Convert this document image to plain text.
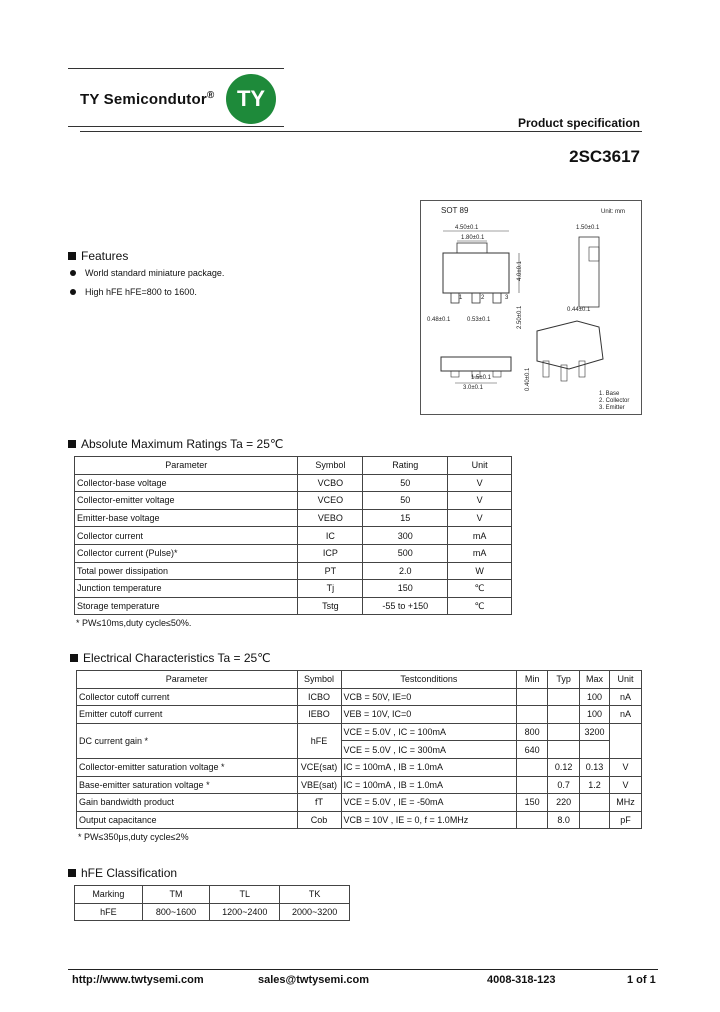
TY Semicondutor®	TY
Product specification
2SC3617
Features
World standard miniature package.
High hFE hFE=800 to 1600.
SOT 89	Unit: mm
4.50±0.1
1.80±0.1
1	2	3
4.0±0.1
0.48±0.1	0.53±0.1	2.50±0.1
1.50±0.1
0.44±0.1
3.0±0.1
1.5±0.1	0.40±0.1
1. Base
2. Collector
3. Emitter
Absolute Maximum Ratings Ta = 25℃
Parameter	Symbol	Rating	Unit
Collector-base voltage	VCBO	50	V
Collector-emitter voltage	VCEO	50	V
Emitter-base voltage	VEBO	15	V
Collector current	IC	300	mA
Collector current (Pulse)*	ICP	500	mA
Total power dissipation	PT	2.0	W
Junction temperature	Tj	150	℃
Storage temperature	Tstg	-55 to +150	℃
* PW≤10ms,duty cycle≤50%.
Electrical Characteristics Ta = 25℃
Parameter	Symbol	Testconditions	Min	Typ	Max	Unit
Collector cutoff current	ICBO	VCB = 50V, IE=0			100	nA
Emitter cutoff current	IEBO	VEB = 10V, IC=0			100	nA
DC current gain *	hFE	VCE = 5.0V , IC = 100mA	800		3200	
		VCE = 5.0V , IC = 300mA	640			
Collector-emitter saturation voltage *	VCE(sat)	IC = 100mA , IB = 1.0mA		0.12	0.13	V
Base-emitter saturation voltage *	VBE(sat)	IC = 100mA , IB = 1.0mA		0.7	1.2	V
Gain bandwidth product	fT	VCE = 5.0V , IE = -50mA	150	220		MHz
Output capacitance	Cob	VCB = 10V , IE = 0, f = 1.0MHz		8.0		pF
* PW≤350μs,duty cycle≤2%
hFE Classification
Marking	TM	TL	TK
hFE	800~1600	1200~2400	2000~3200
http://www.twtysemi.com	sales@twtysemi.com	4008-318-123	1 of 1
